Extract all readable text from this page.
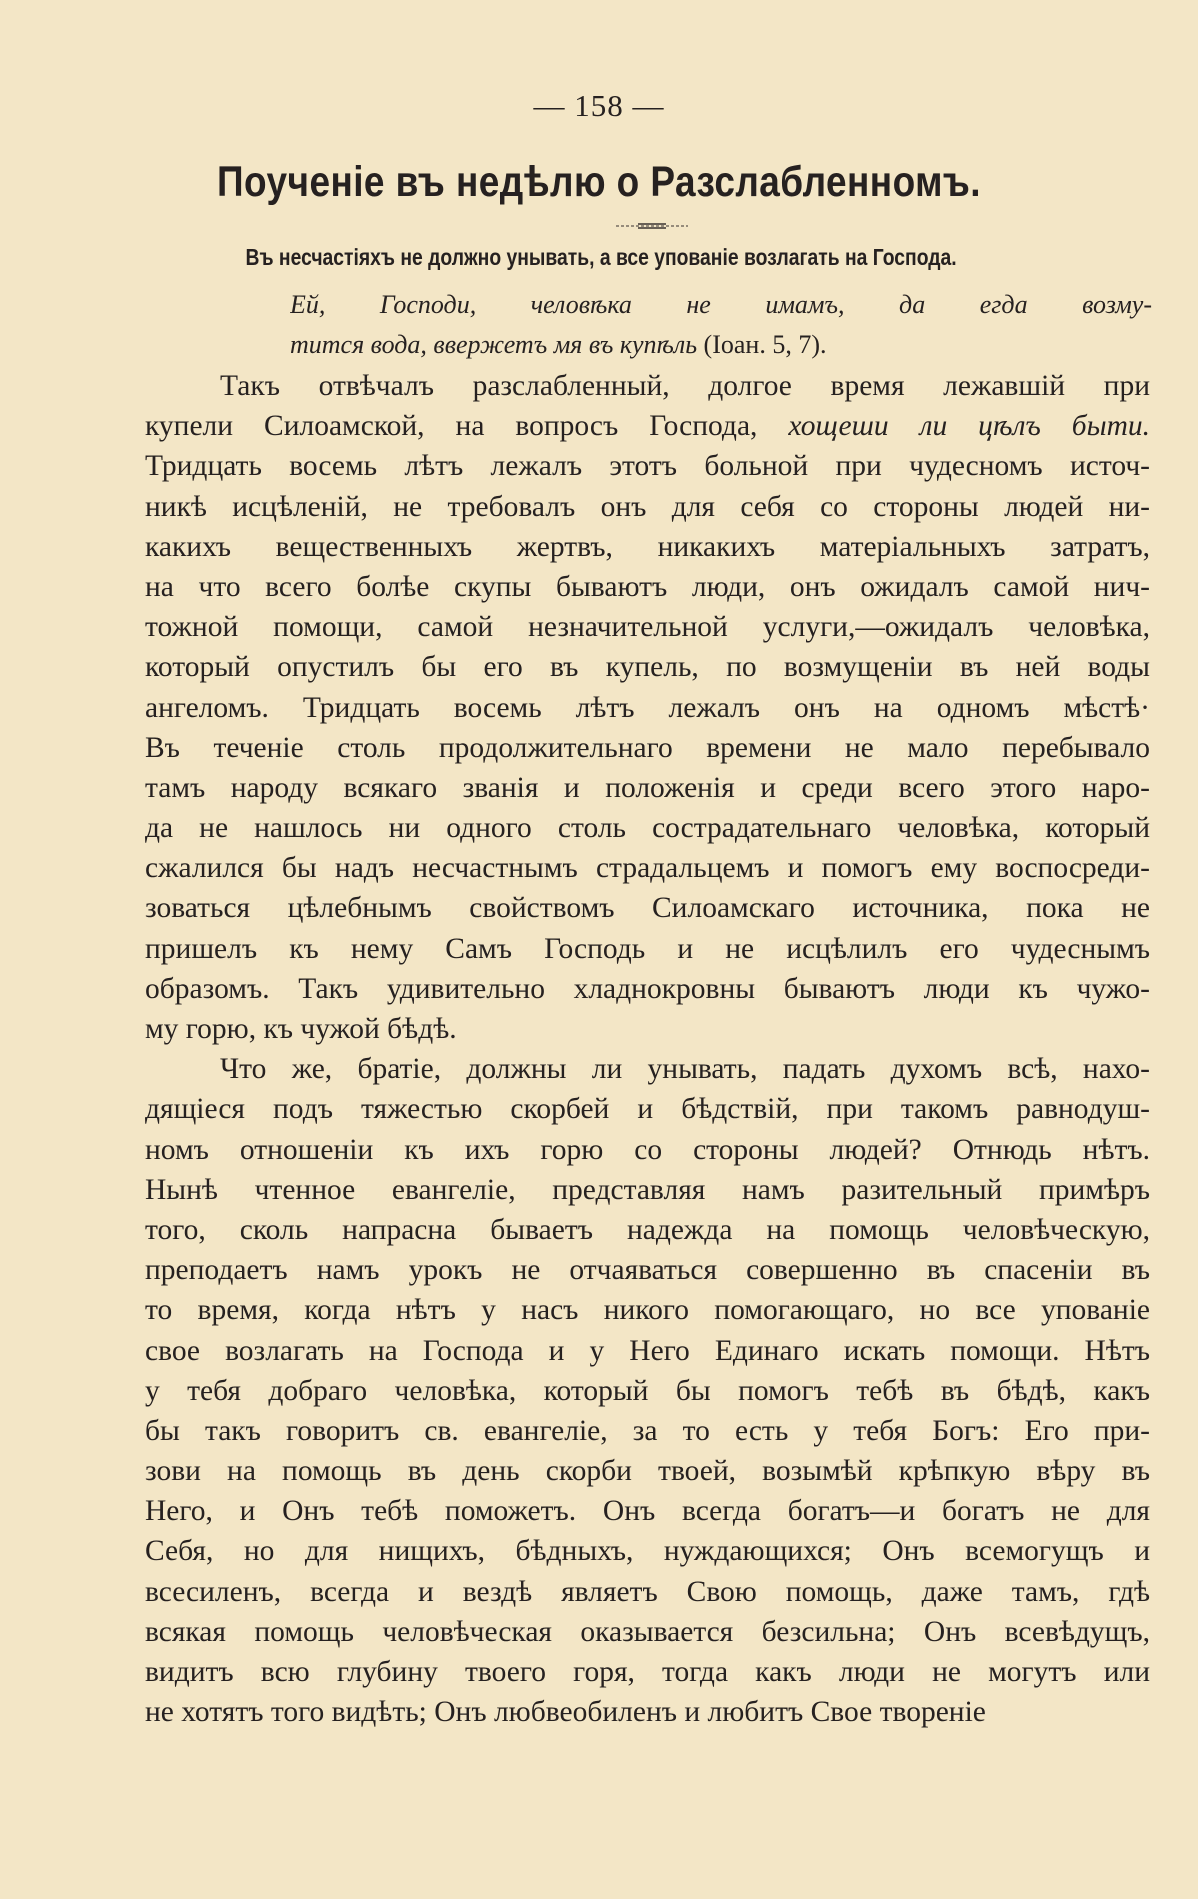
— 158 —
Поученіе въ недѣлю о Разслабленномъ.
Въ несчастіяхъ не должно унывать, а все упованіе возлагать на Господа.
Ей, Господи, человѣка не имамъ, да егда возму-
тится вода, ввержетъ мя въ купѣль (Іоан. 5, 7).
Такъ отвѣчалъ разслабленный, долгое время лежавшій при
купели Силоамской, на вопросъ Господа, хощеши ли цѣлъ быти.
Тридцать восемь лѣтъ лежалъ этотъ больной при чудесномъ источ-
никѣ исцѣленій, не требовалъ онъ для себя со стороны людей ни-
какихъ вещественныхъ жертвъ, никакихъ матеріальныхъ затратъ,
на что всего болѣе скупы бываютъ люди, онъ ожидалъ самой нич-
тожной помощи, самой незначительной услуги,—ожидалъ человѣка,
который опустилъ бы его въ купель, по возмущеніи въ ней воды
ангеломъ. Тридцать восемь лѣтъ лежалъ онъ на одномъ мѣстѣ·
Въ теченіе столь продолжительнаго времени не мало перебывало
тамъ народу всякаго званія и положенія и среди всего этого наро-
да не нашлось ни одного столь сострадательнаго человѣка, который
сжалился бы надъ несчастнымъ страдальцемъ и помогъ ему воспосреди-
зоваться цѣлебнымъ свойствомъ Силоамскаго источника, пока не
пришелъ къ нему Самъ Господь и не исцѣлилъ его чудеснымъ
образомъ. Такъ удивительно хладнокровны бываютъ люди къ чужо-
му горю, къ чужой бѣдѣ.
Что же, братіе, должны ли унывать, падать духомъ всѣ, нахо-
дящіеся подъ тяжестью скорбей и бѣдствій, при такомъ равнодуш-
номъ отношеніи къ ихъ горю со стороны людей? Отнюдь нѣтъ.
Нынѣ чтенное евангеліе, представляя намъ разительный примѣръ
того, сколь напрасна бываетъ надежда на помощь человѣческую,
преподаетъ намъ урокъ не отчаяваться совершенно въ спасеніи въ
то время, когда нѣтъ у насъ никого помогающаго, но все упованіе
свое возлагать на Господа и у Него Единаго искать помощи. Нѣтъ
у тебя добраго человѣка, который бы помогъ тебѣ въ бѣдѣ, какъ
бы такъ говоритъ св. евангеліе, за то есть у тебя Богъ: Его при-
зови на помощь въ день скорби твоей, возымѣй крѣпкую вѣру въ
Него, и Онъ тебѣ поможетъ. Онъ всегда богатъ—и богатъ не для
Себя, но для нищихъ, бѣдныхъ, нуждающихся; Онъ всемогущъ и
всесиленъ, всегда и вездѣ являетъ Свою помощь, даже тамъ, гдѣ
всякая помощь человѣческая оказывается безсильна; Онъ всевѣдущъ,
видитъ всю глубину твоего горя, тогда какъ люди не могутъ или
не хотятъ того видѣть; Онъ любвеобиленъ и любитъ Свое твореніе
